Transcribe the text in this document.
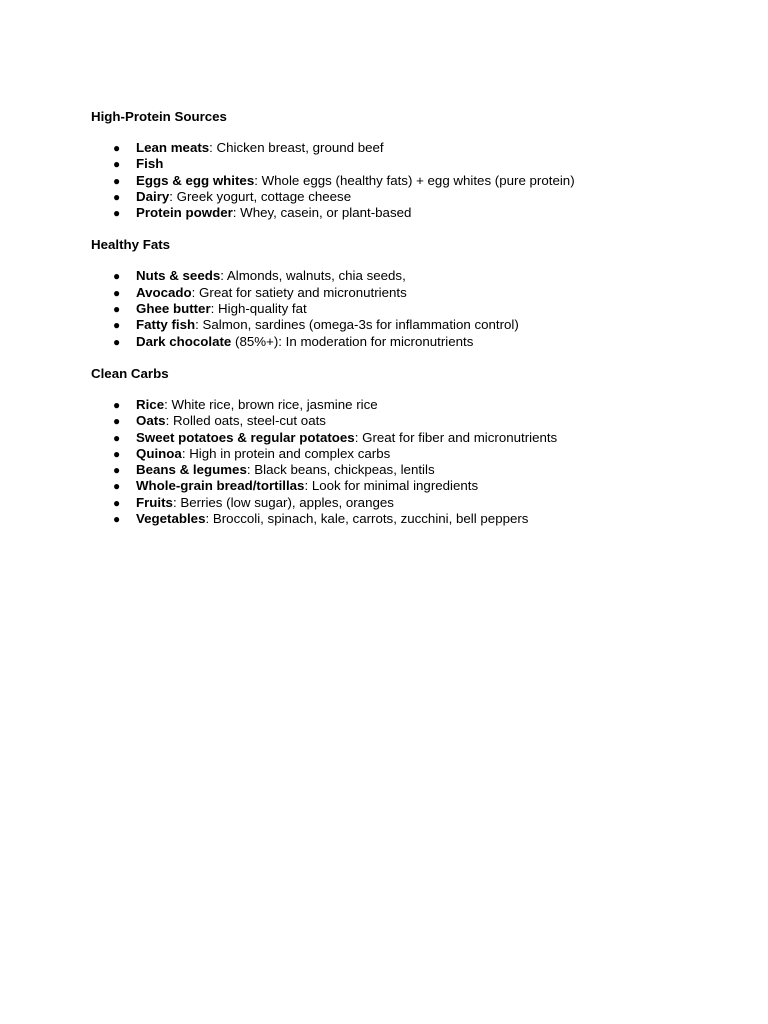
High-Protein Sources

● Lean meats: Chicken breast, ground beef
● Fish
● Eggs & egg whites: Whole eggs (healthy fats) + egg whites (pure protein)
● Dairy: Greek yogurt, cottage cheese
● Protein powder: Whey, casein, or plant-based

Healthy Fats

● Nuts & seeds: Almonds, walnuts, chia seeds,
● Avocado: Great for satiety and micronutrients
● Ghee butter: High-quality fat
● Fatty fish: Salmon, sardines (omega-3s for inflammation control)
● Dark chocolate (85%+): In moderation for micronutrients

Clean Carbs

● Rice: White rice, brown rice, jasmine rice
● Oats: Rolled oats, steel-cut oats
● Sweet potatoes & regular potatoes: Great for fiber and micronutrients
● Quinoa: High in protein and complex carbs
● Beans & legumes: Black beans, chickpeas, lentils
● Whole-grain bread/tortillas: Look for minimal ingredients
● Fruits: Berries (low sugar), apples, oranges
● Vegetables: Broccoli, spinach, kale, carrots, zucchini, bell peppers
